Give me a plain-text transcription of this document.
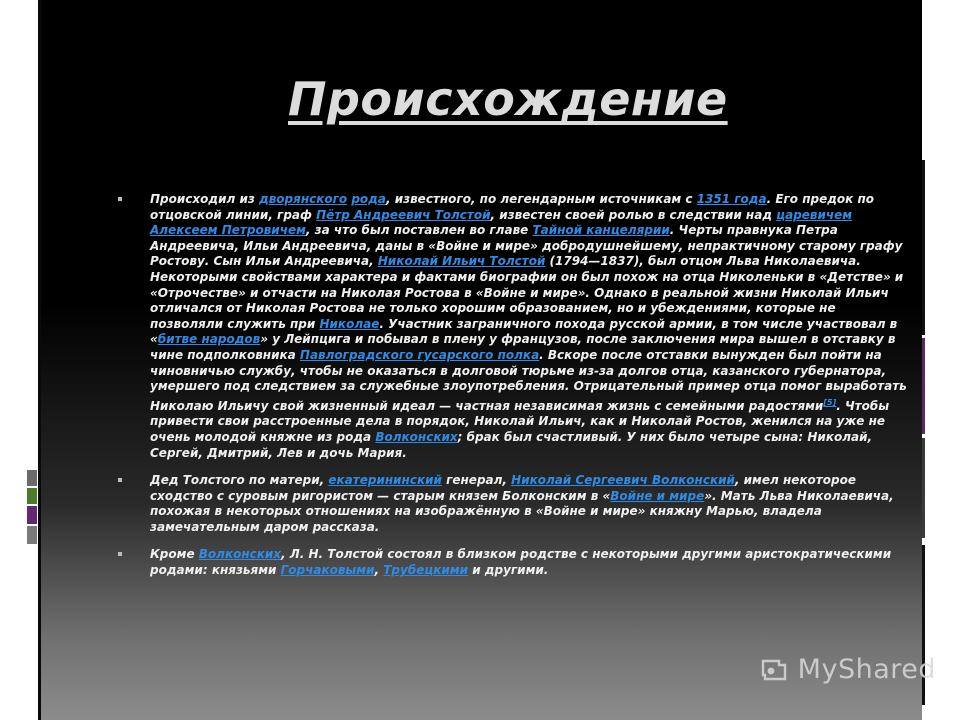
Происхождение
Происходил из дворянского рода, известного, по легендарным источникам с 1351 года. Его предок по отцовской линии, граф Пётр Андреевич Толстой, известен своей ролью в следствии над царевичем Алексеем Петровичем, за что был поставлен во главе Тайной канцелярии. Черты правнука Петра Андреевича, Ильи Андреевича, даны в «Войне и мире» добродушнейшему, непрактичному старому графу Ростову. Сын Ильи Андреевича, Николай Ильич Толстой (1794—1837), был отцом Льва Николаевича. Некоторыми свойствами характера и фактами биографии он был похож на отца Николеньки в «Детстве» и «Отрочестве» и отчасти на Николая Ростова в «Войне и мире». Однако в реальной жизни Николай Ильич отличался от Николая Ростова не только хорошим образованием, но и убеждениями, которые не позволяли служить при Николае. Участник заграничного похода русской армии, в том числе участвовал в «битве народов» у Лейпцига и побывал в плену у французов, после заключения мира вышел в отставку в чине подполковника Павлоградского гусарского полка. Вскоре после отставки вынужден был пойти на чиновничью службу, чтобы не оказаться в долговой тюрьме из-за долгов отца, казанского губернатора, умершего под следствием за служебные злоупотребления. Отрицательный пример отца помог выработать Николаю Ильичу свой жизненный идеал — частная независимая жизнь с семейными радостями[5]. Чтобы привести свои расстроенные дела в порядок, Николай Ильич, как и Николай Ростов, женился на уже не очень молодой княжне из рода Волконских; брак был счастливый. У них было четыре сына: Николай, Сергей, Дмитрий, Лев и дочь Мария.
Дед Толстого по матери, екатерининский генерал, Николай Сергеевич Волконский, имел некоторое сходство с суровым ригористом — старым князем Болконским в «Войне и мире». Мать Льва Николаевича, похожая в некоторых отношениях на изображённую в «Войне и мире» княжну Марью, владела замечательным даром рассказа.
Кроме Волконских, Л. Н. Толстой состоял в близком родстве с некоторыми другими аристократическими родами: князьями Горчаковыми, Трубецкими и другими.
MyShared
